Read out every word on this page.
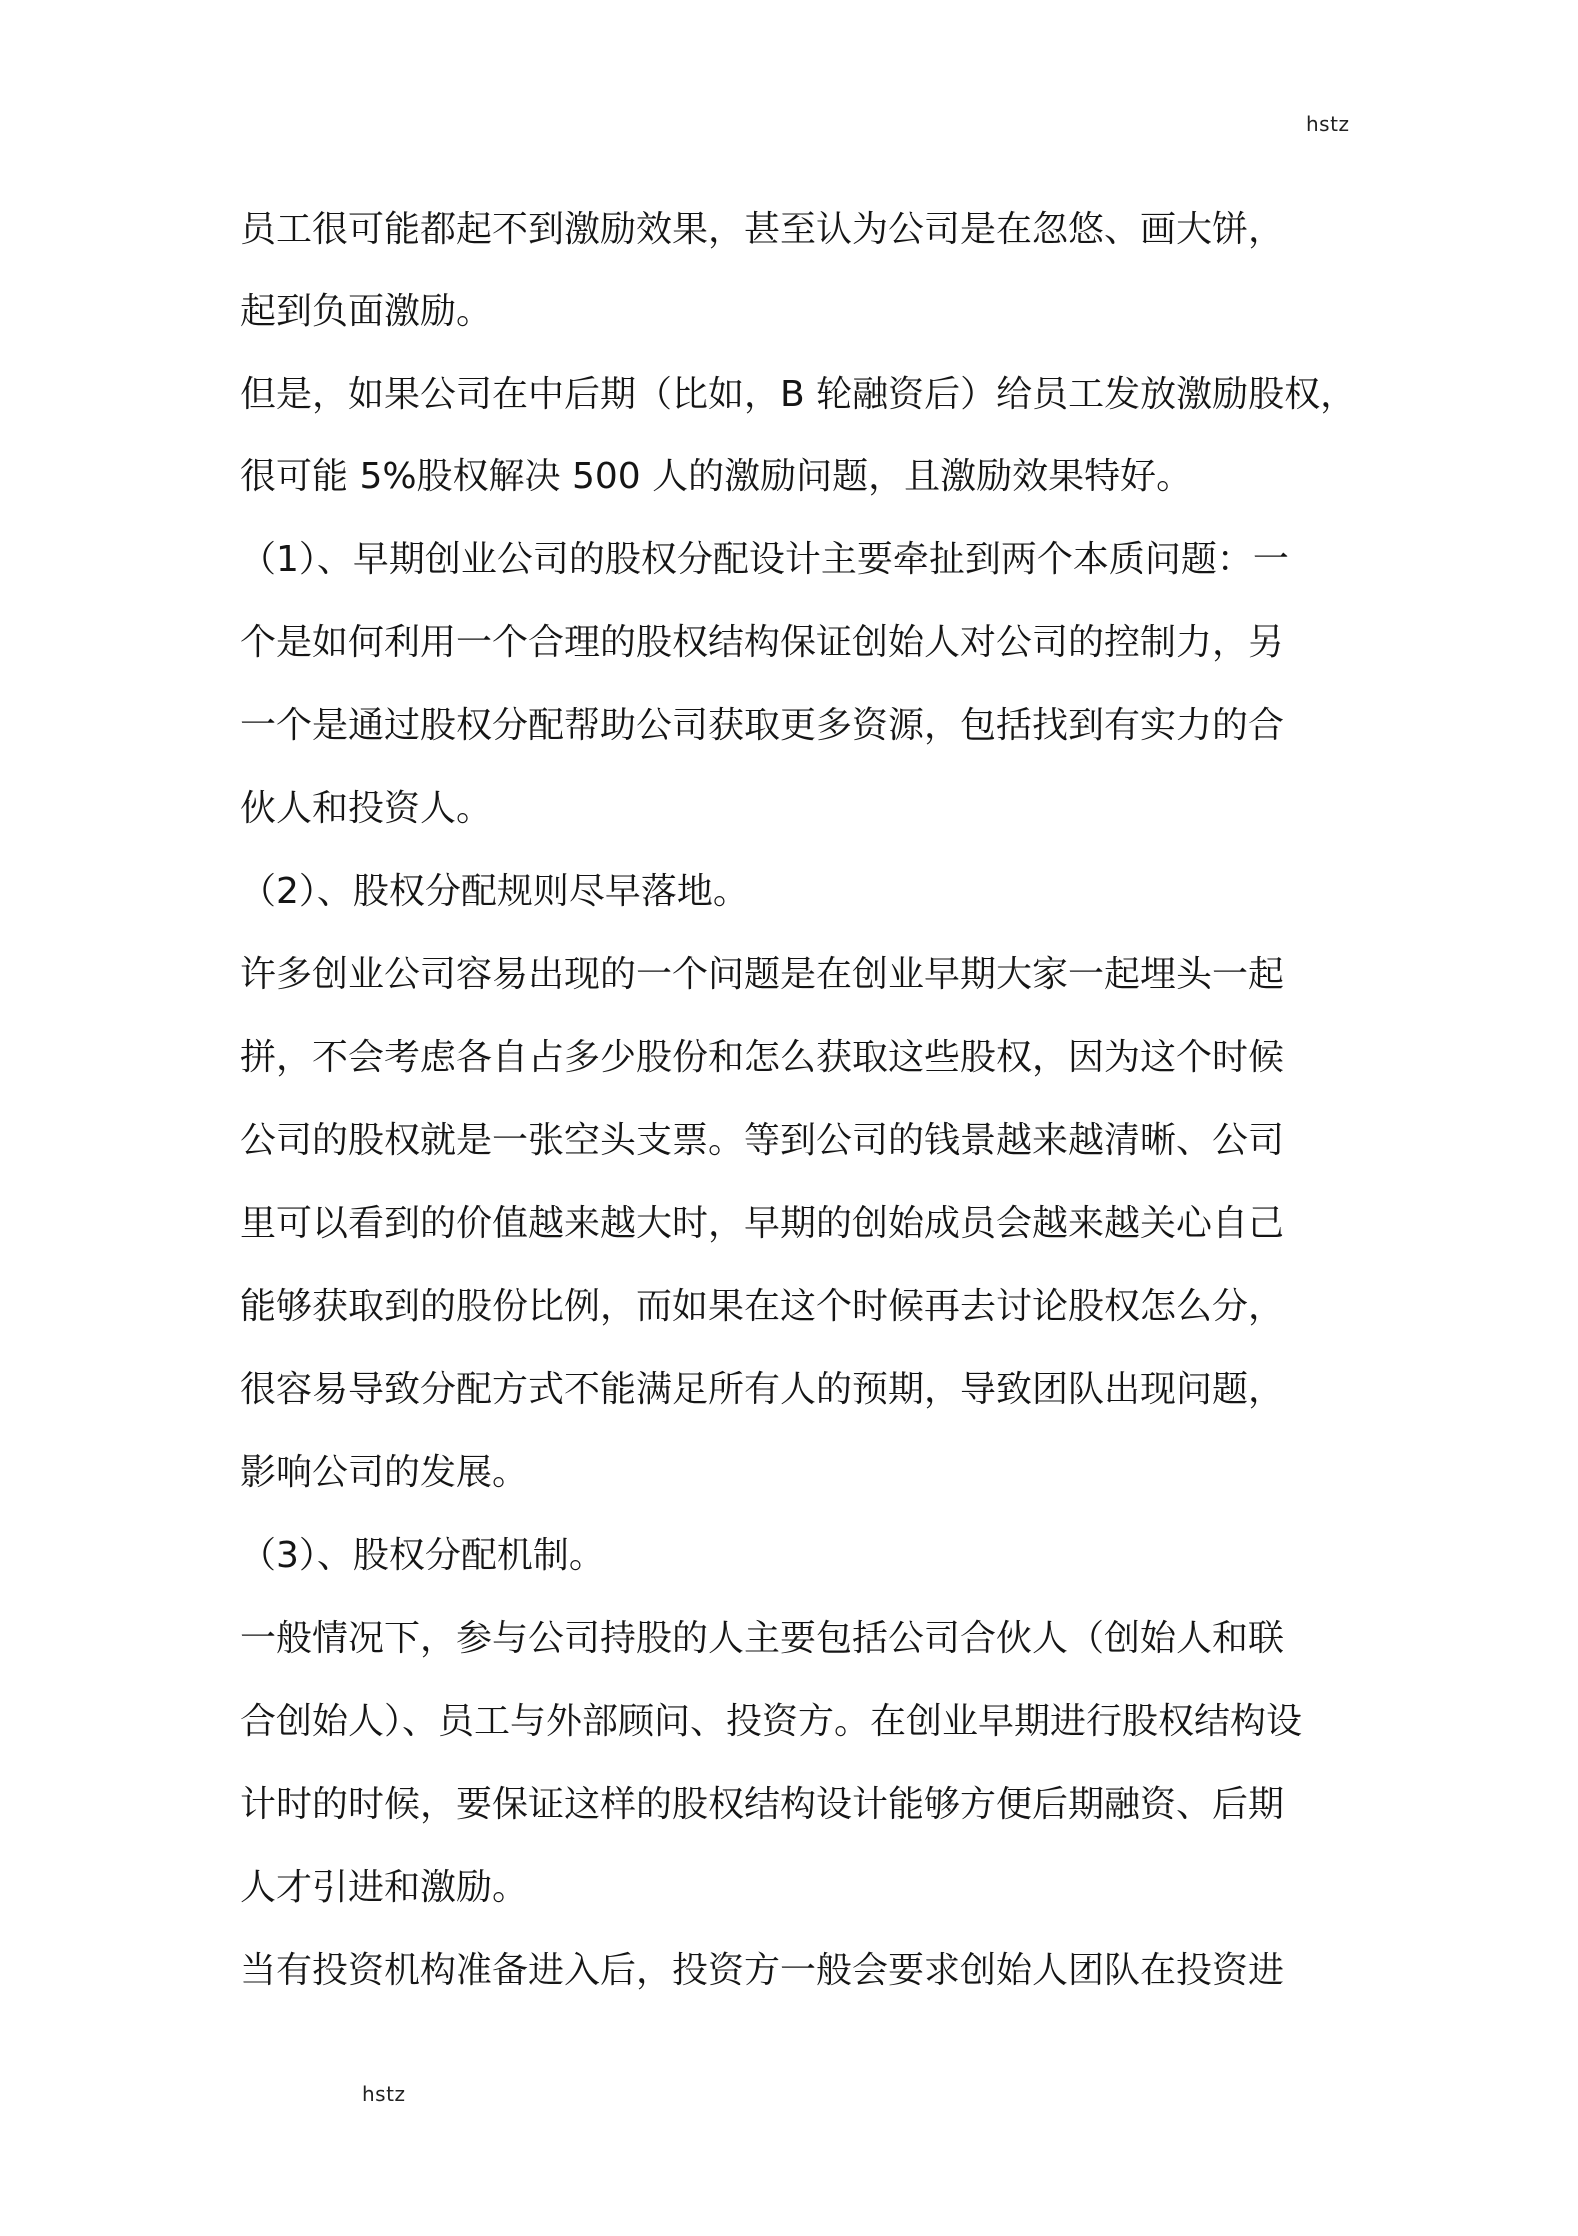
hstz
员工很可能都起不到激励效果，甚至认为公司是在忽悠、画大饼，
起到负面激励。
但是，如果公司在中后期（比如，B 轮融资后）给员工发放激励股权，
很可能 5%股权解决 500 人的激励问题，且激励效果特好。
（1）、早期创业公司的股权分配设计主要牵扯到两个本质问题：一
个是如何利用一个合理的股权结构保证创始人对公司的控制力，另
一个是通过股权分配帮助公司获取更多资源，包括找到有实力的合
伙人和投资人。
（2）、股权分配规则尽早落地。
许多创业公司容易出现的一个问题是在创业早期大家一起埋头一起
拼，不会考虑各自占多少股份和怎么获取这些股权，因为这个时候
公司的股权就是一张空头支票。等到公司的钱景越来越清晰、公司
里可以看到的价值越来越大时，早期的创始成员会越来越关心自己
能够获取到的股份比例，而如果在这个时候再去讨论股权怎么分，
很容易导致分配方式不能满足所有人的预期，导致团队出现问题，
影响公司的发展。
（3）、股权分配机制。
一般情况下，参与公司持股的人主要包括公司合伙人（创始人和联
合创始人）、员工与外部顾问、投资方。在创业早期进行股权结构设
计时的时候，要保证这样的股权结构设计能够方便后期融资、后期
人才引进和激励。
当有投资机构准备进入后，投资方一般会要求创始人团队在投资进
hstz
